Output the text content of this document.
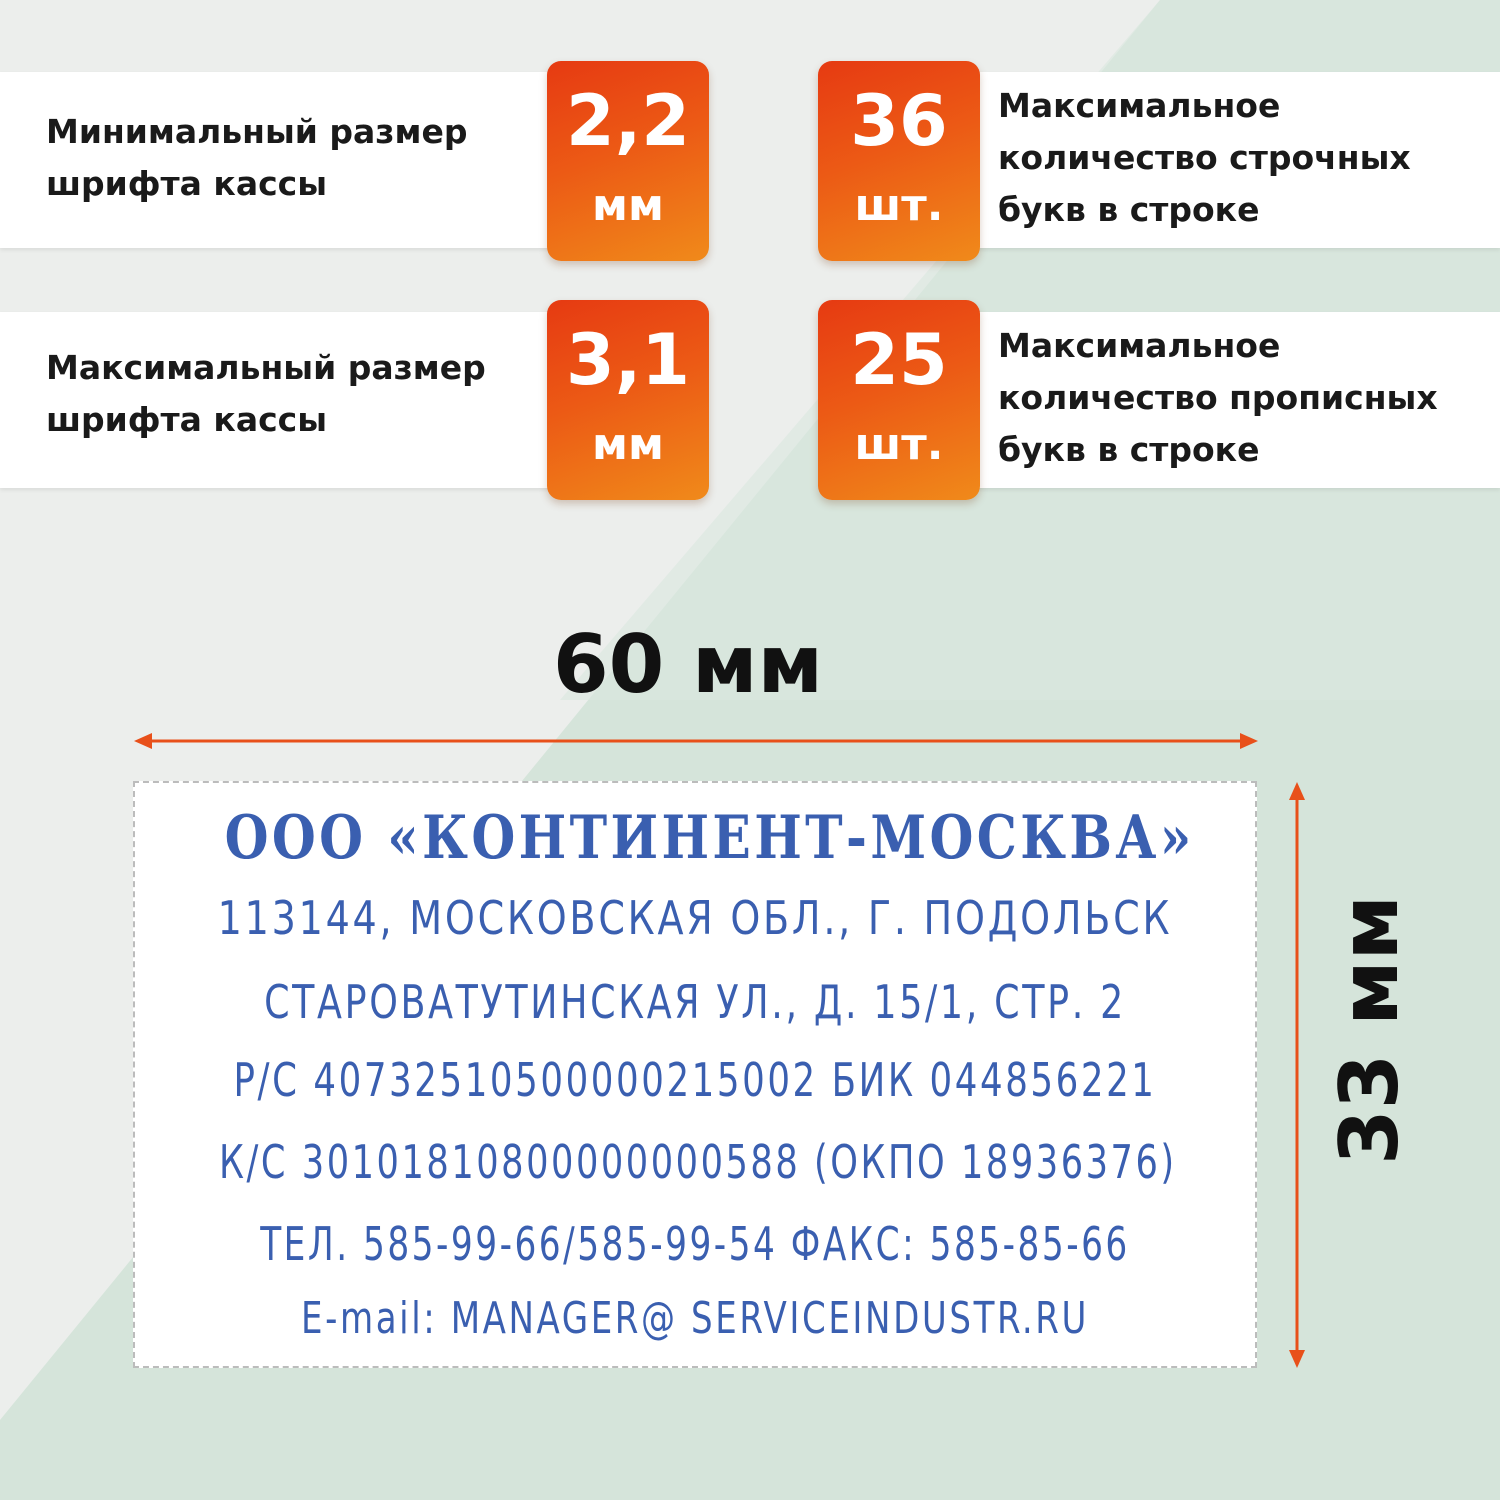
Минимальный размер
шрифта кассы
2,2
мм
Максимальный размер
шрифта кассы
3,1
мм
Максимальное
количество строчных
букв в строке
36
шт.
Максимальное
количество прописных
букв в строке
25
шт.
60 мм
33 мм
ООО «КОНТИНЕНТ-МОСКВА»
113144, МОСКОВСКАЯ ОБЛ., Г. ПОДОЛЬСК
СТАРОВАТУТИНСКАЯ УЛ., Д. 15/1, СТР. 2
Р/С 40732510500000215002 БИК 044856221
К/С 30101810800000000588 (ОКПО 18936376)
ТЕЛ. 585-99-66/585-99-54 ФАКС: 585-85-66
E-mail: MANAGER@ SERVICEINDUSTR.RU
